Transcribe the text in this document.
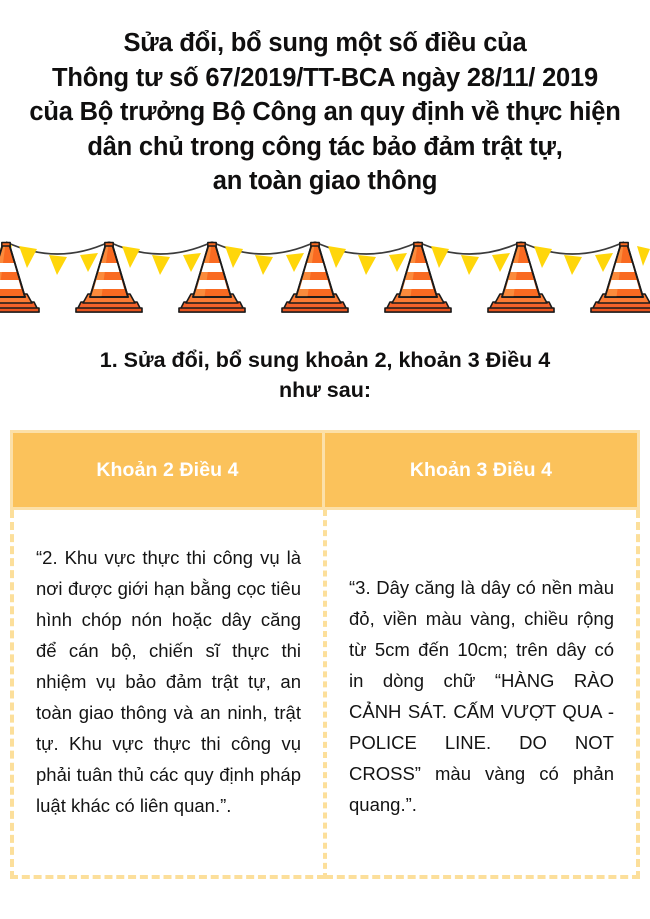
Sửa đổi, bổ sung một số điều của
Thông tư số 67/2019/TT-BCA ngày 28/11/ 2019
của Bộ trưởng Bộ Công an quy định về thực hiện
dân chủ trong công tác bảo đảm trật tự,
an toàn giao thông
1. Sửa đổi, bổ sung khoản 2, khoản 3 Điều 4
như sau:
Khoản 2 Điều 4	Khoản 3 Điều 4

“2. Khu vực thực thi công vụ là nơi được giới hạn bằng cọc tiêu hình chóp nón hoặc dây căng để cán bộ, chiến sĩ thực thi nhiệm vụ bảo đảm trật tự, an toàn giao thông và an ninh, trật tự. Khu vực thực thi công vụ phải tuân thủ các quy định pháp luật khác có liên quan.”.

“3. Dây căng là dây có nền màu đỏ, viền màu vàng, chiều rộng từ 5cm đến 10cm; trên dây có in dòng chữ “HÀNG RÀO CẢNH SÁT. CẤM VƯỢT QUA - POLICE LINE. DO NOT CROSS” màu vàng có phản quang.”.
